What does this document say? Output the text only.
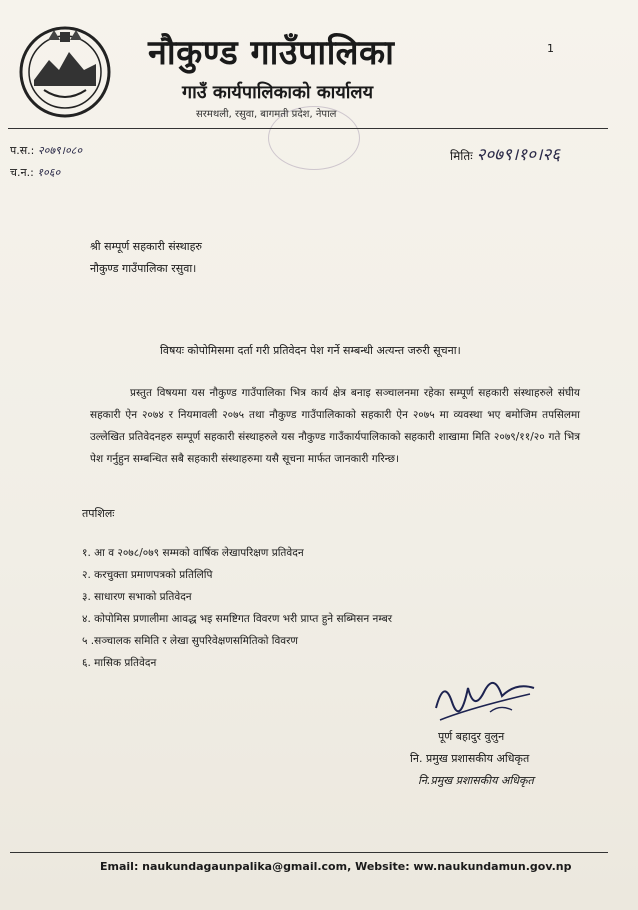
नौकुण्ड गाउँपालिका
गाउँ कार्यपालिकाको कार्यालय
सरमथली, रसुवा, बागमती प्रदेश, नेपाल
1
प.स.: २०७९।०८०
च.न.: १०६०
मितिः २०७९।१०।२६
श्री सम्पूर्ण सहकारी संस्थाहरु
नौकुण्ड गाउँपालिका रसुवा।
विषयः कोपोमिसमा दर्ता गरी प्रतिवेदन पेश गर्ने सम्बन्धी अत्यन्त जरुरी सूचना।
प्रस्तुत विषयमा यस नौकुण्ड गाउँपालिका भित्र कार्य क्षेत्र बनाइ सञ्चालनमा रहेका सम्पूर्ण सहकारी संस्थाहरुले संघीय सहकारी ऐन २०७४ र नियमावली २०७५ तथा नौकुण्ड गाउँपालिकाको सहकारी ऐन २०७५ मा व्यवस्था भए बमोजिम तपसिलमा उल्लेखित प्रतिवेदनहरु सम्पूर्ण सहकारी संस्थाहरुले यस नौकुण्ड गाउँकार्यपालिकाको सहकारी शाखामा मिति २०७९/११/२० गते भित्र पेश गर्नुहुन सम्बन्धित सबै सहकारी संस्थाहरुमा यसै सूचना मार्फत जानकारी गरिन्छ।
तपशिलः
१. आ व २०७८/०७९ सम्मको वार्षिक लेखापरिक्षण प्रतिवेदन
२. करचुक्ता प्रमाणपत्रको प्रतिलिपि
३. साधारण सभाको प्रतिवेदन
४. कोपोमिस प्रणालीमा आवद्ध भइ समष्टिगत विवरण भरी प्राप्त हुने सब्मिसन नम्बर
५ .सञ्चालक समिति र लेखा सुपरिवेक्षणसमितिको विवरण
६. मासिक प्रतिवेदन
पूर्ण बहादुर वुलुन
नि. प्रमुख प्रशासकीय अधिकृत
नि.प्रमुख प्रशासकीय अधिकृत
Email: naukundagaunpalika@gmail.com, Website: ww.naukundamun.gov.np
